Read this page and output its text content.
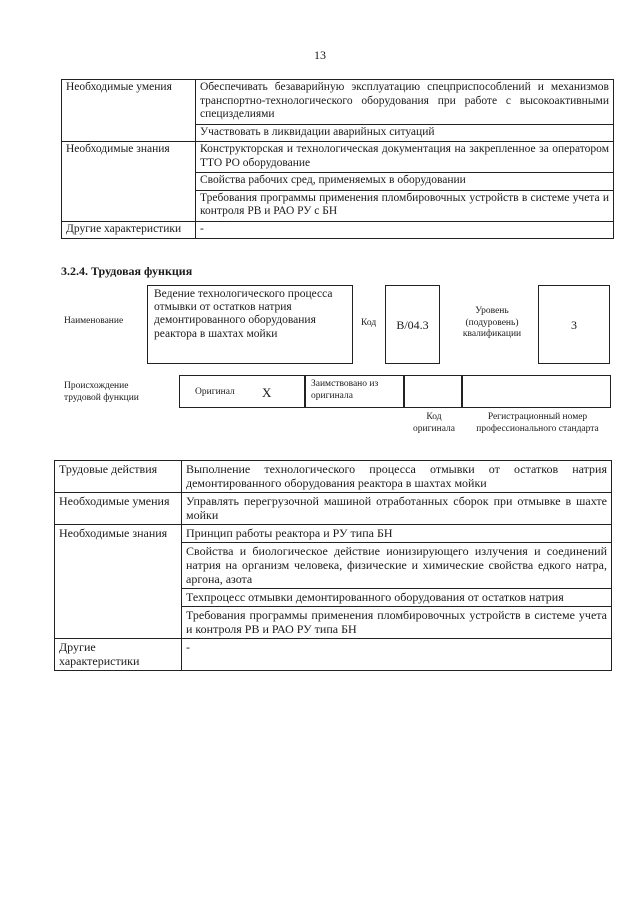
13
Необходимые умения	Обеспечивать безаварийную эксплуатацию спецприспособлений и механизмов транспортно-технологического оборудования при работе с высокоактивными специзделиями
	Участвовать в ликвидации аварийных ситуаций
Необходимые знания	Конструкторская и технологическая документация на закрепленное за оператором ТТО РО оборудование
	Свойства рабочих сред, применяемых в оборудовании
	Требования программы применения пломбировочных устройств в системе учета и контроля РВ и РАО РУ с БН
Другие характеристики	-
3.2.4. Трудовая функция
Наименование
Ведение технологического процесса отмывки от остатков натрия демонтированного оборудования реактора в шахтах мойки
Код	B/04.3
Уровень (подуровень) квалификации
3
Происхождение трудовой функции
Оригинал X
Заимствовано из оригинала
Код оригинала
Регистрационный номер профессионального стандарта
Трудовые действия	Выполнение технологического процесса отмывки от остатков натрия демонтированного оборудования реактора в шахтах мойки
Необходимые умения	Управлять перегрузочной машиной отработанных сборок при отмывке в шахте мойки
Необходимые знания	Принцип работы реактора и РУ типа БН
	Свойства и биологическое действие ионизирующего излучения и соединений натрия на организм человека, физические и химические свойства едкого натра, аргона, азота
	Техпроцесс отмывки демонтированного оборудования от остатков натрия
	Требования программы применения пломбировочных устройств в системе учета и контроля РВ и РАО РУ типа БН
Другие характеристики	-
